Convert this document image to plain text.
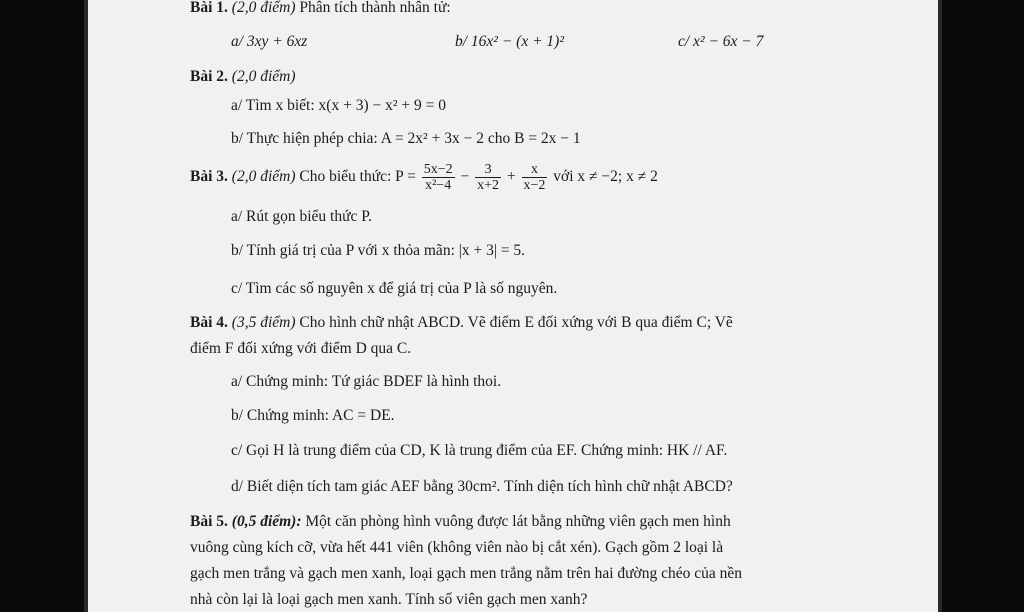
Bài 1. (2,0 điểm) Phân tích thành nhân tử:
a/ 3xy + 6xz	b/ 16x² − (x + 1)²	c/ x² − 6x − 7
Bài 2. (2,0 điểm)
a/ Tìm x biết: x(x + 3) − x² + 9 = 0
b/ Thực hiện phép chia: A = 2x² + 3x − 2 cho B = 2x − 1
Bài 3. (2,0 điểm) Cho biểu thức: $P = \frac{5x-2}{\text{x²−4}} - \frac{3}{x+2} + \frac{x}{x-2}$ với x ≠ −2; x ≠ 2
a/ Rút gọn biểu thức P.
b/ Tính giá trị của P với x thỏa mãn: |x + 3| = 5.
c/ Tìm các số nguyên x để giá trị của P là số nguyên.
Bài 4. (3,5 điểm) Cho hình chữ nhật ABCD. Vẽ điểm E đối xứng với B qua điểm C; Vẽ
điểm F đối xứng với điểm D qua C.
a/ Chứng minh: Tứ giác BDEF là hình thoi.
b/ Chứng minh: AC = DE.
c/ Gọi H là trung điểm của CD, K là trung điểm của EF. Chứng minh: HK // AF.
d/ Biết diện tích tam giác AEF bằng 30cm². Tính diện tích hình chữ nhật ABCD?
Bài 5. (0,5 điểm): Một căn phòng hình vuông được lát bằng những viên gạch men hình
vuông cùng kích cỡ, vừa hết 441 viên (không viên nào bị cắt xén). Gạch gồm 2 loại là
gạch men trắng và gạch men xanh, loại gạch men trắng nằm trên hai đường chéo của nền
nhà còn lại là loại gạch men xanh. Tính số viên gạch men xanh?
